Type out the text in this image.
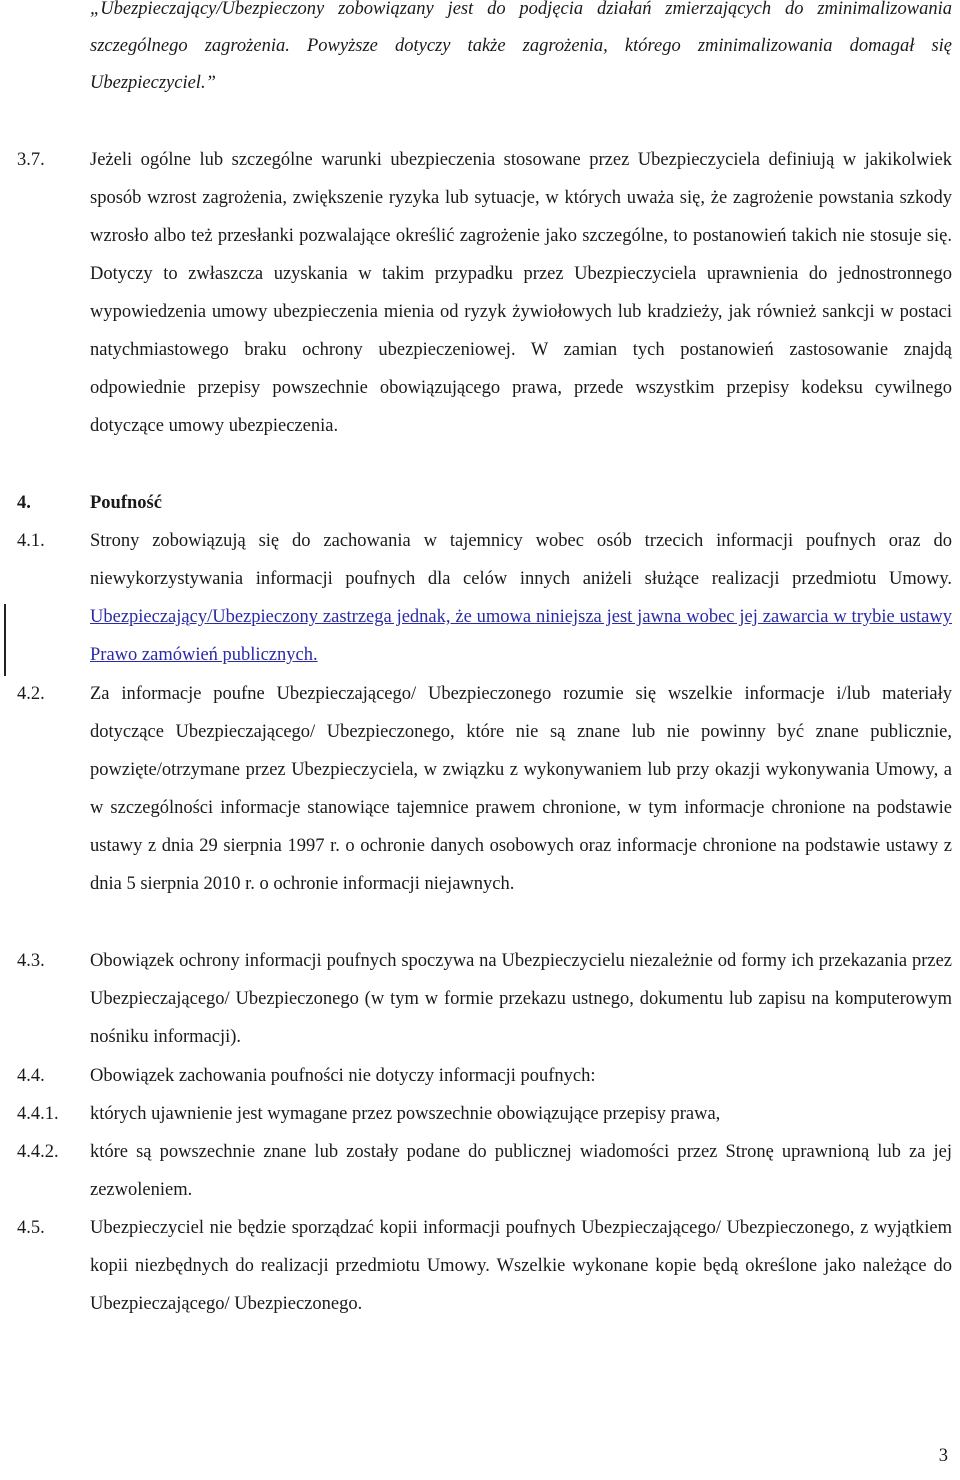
„Ubezpieczający/Ubezpieczony zobowiązany jest do podjęcia działań zmierzających do zminimalizowania szczególnego zagrożenia. Powyższe dotyczy także zagrożenia, którego zminimalizowania domagał się Ubezpieczyciel.”

3.7. Jeżeli ogólne lub szczególne warunki ubezpieczenia stosowane przez Ubezpieczyciela definiują w jakikolwiek sposób wzrost zagrożenia, zwiększenie ryzyka lub sytuacje, w których uważa się, że zagrożenie powstania szkody wzrosło albo też przesłanki pozwalające określić zagrożenie jako szczególne, to postanowień takich nie stosuje się. Dotyczy to zwłaszcza uzyskania w takim przypadku przez Ubezpieczyciela uprawnienia do jednostronnego wypowiedzenia umowy ubezpieczenia mienia od ryzyk żywiołowych lub kradzieży, jak również sankcji w postaci natychmiastowego braku ochrony ubezpieczeniowej. W zamian tych postanowień zastosowanie znajdą odpowiednie przepisy powszechnie obowiązującego prawa, przede wszystkim przepisy kodeksu cywilnego dotyczące umowy ubezpieczenia.

4.	Poufność
4.1. Strony zobowiązują się do zachowania w tajemnicy wobec osób trzecich informacji poufnych oraz do niewykorzystywania informacji poufnych dla celów innych aniżeli służące realizacji przedmiotu Umowy. Ubezpieczający/Ubezpieczony zastrzega jednak, że umowa niniejsza jest jawna wobec jej zawarcia w trybie ustawy Prawo zamówień publicznych.

4.2. Za informacje poufne Ubezpieczającego/ Ubezpieczonego rozumie się wszelkie informacje i/lub materiały dotyczące Ubezpieczającego/ Ubezpieczonego, które nie są znane lub nie powinny być znane publicznie, powzięte/otrzymane przez Ubezpieczyciela, w związku z wykonywaniem lub przy okazji wykonywania Umowy, a w szczególności informacje stanowiące tajemnice prawem chronione, w tym informacje chronione na podstawie ustawy z dnia 29 sierpnia 1997 r. o ochronie danych osobowych oraz informacje chronione na podstawie ustawy z dnia 5 sierpnia 2010 r. o ochronie informacji niejawnych.

4.3. Obowiązek ochrony informacji poufnych spoczywa na Ubezpieczycielu niezależnie od formy ich przekazania przez Ubezpieczającego/ Ubezpieczonego (w tym w formie przekazu ustnego, dokumentu lub zapisu na komputerowym nośniku informacji).

4.4. Obowiązek zachowania poufności nie dotyczy informacji poufnych:

4.4.1. których ujawnienie jest wymagane przez powszechnie obowiązujące przepisy prawa,

4.4.2. które są powszechnie znane lub zostały podane do publicznej wiadomości przez Stronę uprawnioną lub za jej zezwoleniem.

4.5. Ubezpieczyciel nie będzie sporządzać kopii informacji poufnych Ubezpieczającego/ Ubezpieczonego, z wyjątkiem kopii niezbędnych do realizacji przedmiotu Umowy. Wszelkie wykonane kopie będą określone jako należące do Ubezpieczającego/ Ubezpieczonego.

3
